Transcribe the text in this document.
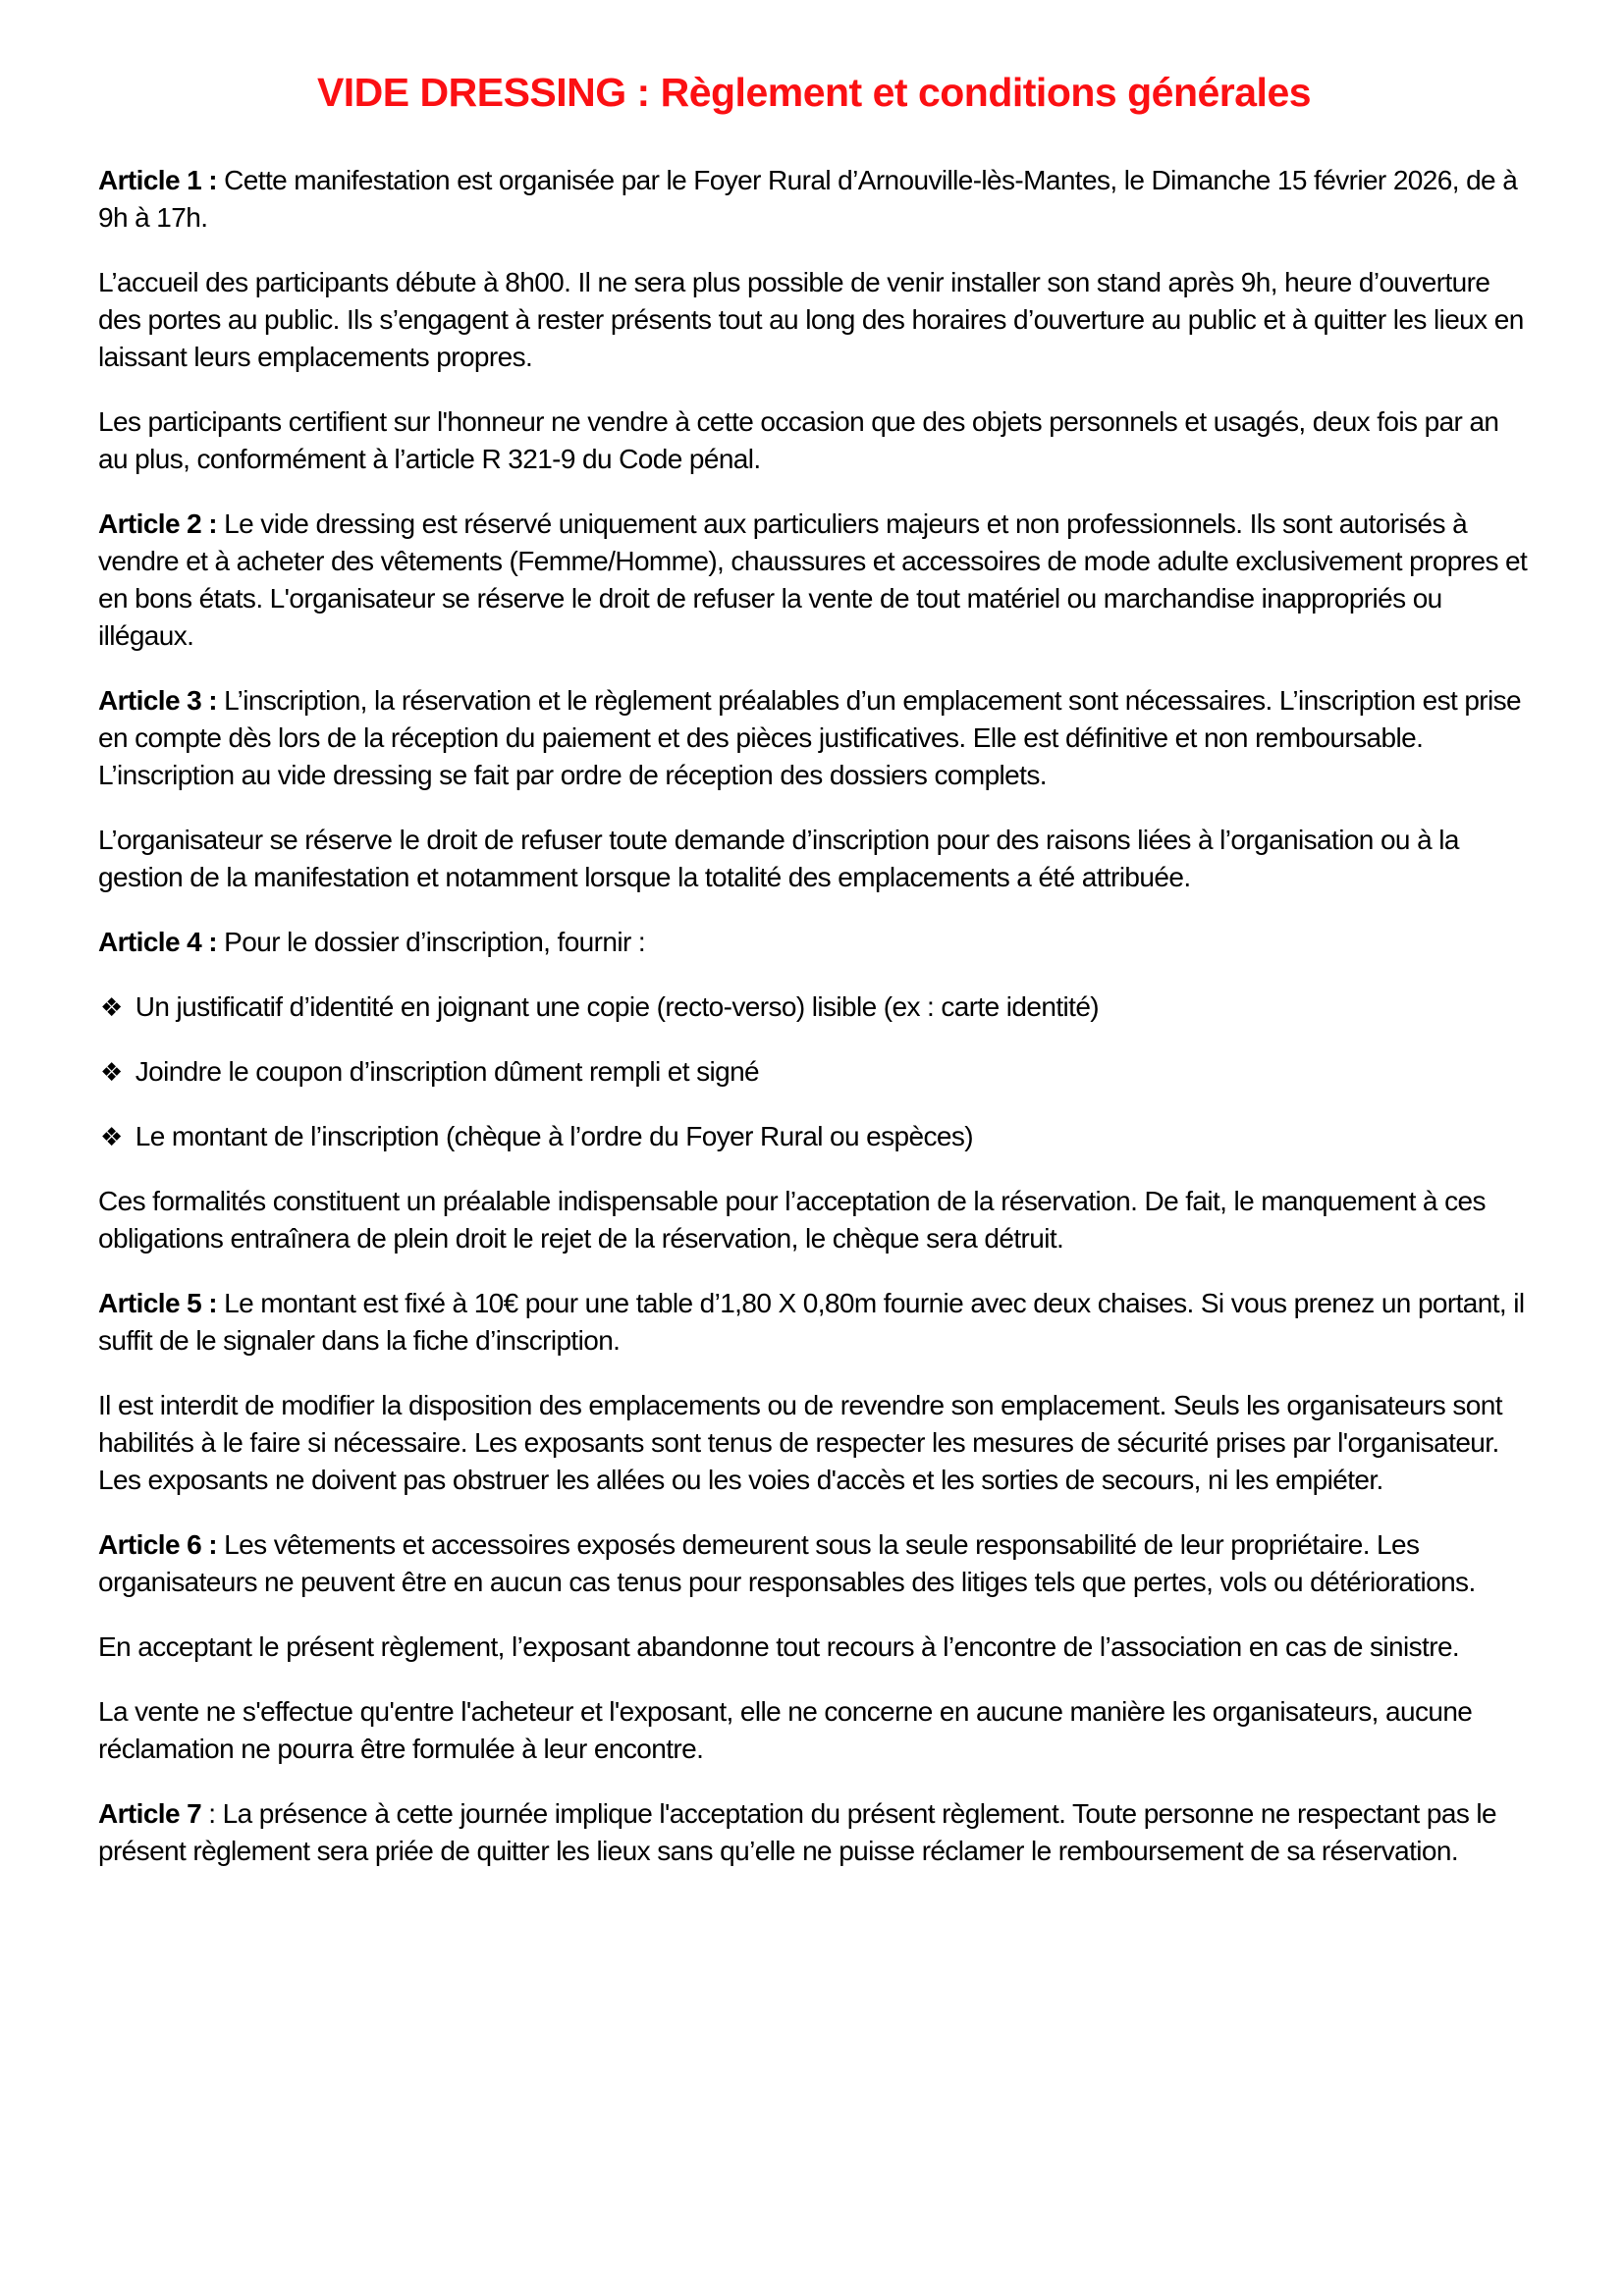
VIDE DRESSING : Règlement et conditions générales

Article 1 : Cette manifestation est organisée par le Foyer Rural d’Arnouville-lès-Mantes, le Dimanche 15 février 2026, de à 9h à 17h.

L’accueil des participants débute à 8h00. Il ne sera plus possible de venir installer son stand après 9h, heure d’ouverture des portes au public. Ils s’engagent à rester présents tout au long des horaires d’ouverture au public et à quitter les lieux en laissant leurs emplacements propres.

Les participants certifient sur l'honneur ne vendre à cette occasion que des objets personnels et usagés, deux fois par an au plus, conformément à l’article R 321-9 du Code pénal.

Article 2 : Le vide dressing est réservé uniquement aux particuliers majeurs et non professionnels. Ils sont autorisés à vendre et à acheter des vêtements (Femme/Homme), chaussures et accessoires de mode adulte exclusivement propres et en bons états. L'organisateur se réserve le droit de refuser la vente de tout matériel ou marchandise inappropriés ou illégaux.

Article 3 : L’inscription, la réservation et le règlement préalables d’un emplacement sont nécessaires. L’inscription est prise en compte dès lors de la réception du paiement et des pièces justificatives. Elle est définitive et non remboursable. L’inscription au vide dressing se fait par ordre de réception des dossiers complets.

L’organisateur se réserve le droit de refuser toute demande d’inscription pour des raisons liées à l’organisation ou à la gestion de la manifestation et notamment lorsque la totalité des emplacements a été attribuée.

Article 4 : Pour le dossier d’inscription, fournir :

❖ Un justificatif d’identité en joignant une copie (recto-verso) lisible (ex : carte identité)

❖ Joindre le coupon d’inscription dûment rempli et signé

❖ Le montant de l’inscription (chèque à l’ordre du Foyer Rural ou espèces)

Ces formalités constituent un préalable indispensable pour l’acceptation de la réservation. De fait, le manquement à ces obligations entraînera de plein droit le rejet de la réservation, le chèque sera détruit.

Article 5 : Le montant est fixé à 10€ pour une table d’1,80 X 0,80m fournie avec deux chaises. Si vous prenez un portant, il suffit de le signaler dans la fiche d’inscription.

Il est interdit de modifier la disposition des emplacements ou de revendre son emplacement. Seuls les organisateurs sont habilités à le faire si nécessaire. Les exposants sont tenus de respecter les mesures de sécurité prises par l'organisateur. Les exposants ne doivent pas obstruer les allées ou les voies d'accès et les sorties de secours, ni les empiéter.

Article 6 : Les vêtements et accessoires exposés demeurent sous la seule responsabilité de leur propriétaire. Les organisateurs ne peuvent être en aucun cas tenus pour responsables des litiges tels que pertes, vols ou détériorations.

En acceptant le présent règlement, l’exposant abandonne tout recours à l’encontre de l’association en cas de sinistre.

La vente ne s'effectue qu'entre l'acheteur et l'exposant, elle ne concerne en aucune manière les organisateurs, aucune réclamation ne pourra être formulée à leur encontre.

Article 7 : La présence à cette journée implique l'acceptation du présent règlement. Toute personne ne respectant pas le présent règlement sera priée de quitter les lieux sans qu’elle ne puisse réclamer le remboursement de sa réservation.
